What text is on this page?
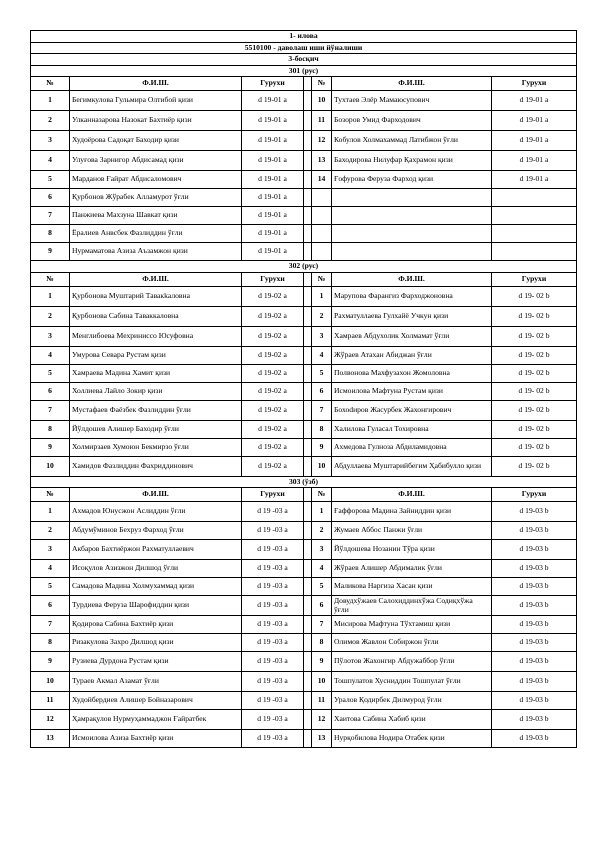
1- илова						
5510100 - даволаш иши йўналиши						
3-босқич						
301 (рус)						
№	Ф.И.Ш.	Гурухи		№	Ф.И.Ш.	Гурухи
1	Бегимкулова Гульмира Олтибой қизи	d 19-01 a		10	Тухтаев Элёр Мамаюсупович	d 19-01 a
2	Улканназарова Назокат Бахтиёр қизи	d 19-01 a		11	Бозоров Умид Фарходович	d 19-01 a
3	Худоёрова Садоқат Баходир қизи	d 19-01 a		12	Кобулов Холмахаммад Латибжон ўғли	d 19-01 a
4	Улуғова Зарнигор Абдисамад қизи	d 19-01 a		13	Баходирова Нилуфар Қахрамон қизи	d 19-01 a
5	Марданов Ғайрат Абдисаломович	d 19-01 a		14	Ғофурова Феруза Фарход қизи	d 19-01 a
6	Қурбонов Жўрабек Алламурот ўғли	d 19-01 a				
7	Панжиева Махзуна Шавкат қизи	d 19-01 a				
8	Ёралиев Анвсбек Фазлиддин ўғли	d 19-01 a				
9	Нурмаматова Азиза Аъзамжон қизи	d 19-01 a				
302 (рус)						
№	Ф.И.Ш.	Гурухи		№	Ф.И.Ш.	Гурухи
1	Қурбонова Муштарий Тавакkаловна	d 19-02 a		1	Марупова Фарангиз Фарходжоновна	d 19- 02 b
2	Қурбонова Сабина Таваккаловна	d 19-02 a		2	Рахматуллаева Гулхайё Учкун қизи	d 19- 02 b
3	Менглибоева Мехриниссо Юсуфовна	d 19-02 a		3	Хамраев Абдухолик Холмамат ўғли	d 19- 02 b
4	Умурова Севара Рустам қизи	d 19-02 a		4	Жўраев Атахан Абиджан ўғли	d 19- 02 b
5	Хамраева Мадина Хамит қизи	d 19-02 a		5	Полвонова Махфузахон Жомоловна	d 19- 02 b
6	Холлиева Лайло Зокир қизи	d 19-02 a		6	Исмоилова Мафтуна Рустам қизи	d 19- 02 b
7	Мустафаев Фаёзбек Фазлиддин ўғли	d 19-02 a		7	Бохоdиров Жасурбек Жахонгирович	d 19- 02 b
8	Йўлдошев Алишер Баходир ўғли	d 19-02 a		8	Халилова Гуласал Тохировна	d 19- 02 b
9	Холмирзаев Хумоюн Бекмирзо ўғли	d 19-02 a		9	Ахмедова Гулноза Абдиламидовна	d 19- 02 b
10	Хамидов Фазлиддин Фахриддинович	d 19-02 a		10	Абдуллаева Муштарийбегим Ҳабибулло қизи	d 19- 02 b
303 (ўзб)						
№	Ф.И.Ш.	Гурухи		№	Ф.И.Ш.	Гурухи
1	Ахмадов Юнусжон Аслиддин ўғли	d 19 -03 a		1	Ғаффорова Мадина Зайниддин қизи	d 19-03 b
2	Абдумўминов Бехруз Фарход ўғли	d 19 -03 a		2	Жумаев Аббос Панжи ўғли	d 19-03 b
3	Акбаров Бахтиёржон Рахматуллаевич	d 19 -03 a		3	Йўлдошева Нозанин Тўра қизи	d 19-03 b
4	Исоқулов Азизжон Дилшод ўғли	d 19 -03 a		4	Жўраев Алишер Абдималик ўғли	d 19-03 b
5	Самадова Мадина Холмухаммад қизи	d 19 -03 a		5	Маликова Наргиза Хасан қизи	d 19-03 b
6	Турдиева Феруза Шарофиддин қизи	d 19 -03 a		6	Довудхўжаев Салохиддинхўжа Содиқхўжа ўғли	d 19-03 b
7	Қодирова Сабина Бахтиёр қизи	d 19 -03 a		7	Мисирова Мафтуна Тўхтамиш қизи	d 19-03 b
8	Ризакулова Захро Дилшод қизи	d 19 -03 a		8	Олимов Жавлон Собиржон ўғли	d 19-03 b
9	Рузиева Дурдона Рустам қизи	d 19 -03 a		9	Пўлотов Жахонгир Абдужаббор ўғли	d 19-03 b
10	Тураев Акмал Азамат ўғли	d 19 -03 a		10	Тошпулатов Хусниддин Тошпулат ўғли	d 19-03 b
11	Худойбердиев Алишер Бойназарович	d 19 -03 a		11	Уралов Қодирбек Дилмурод ўғли	d 19-03 b
12	Ҳамрақулов Нурмуҳаммаджон Ғайратбек	d 19 -03 a		12	Хаитова Сабина Хабиб қизи	d 19-03 b
13	Исмоилова Азиза Бахтиёр қизи	d 19 -03 a		13	Нурқобилова Нодира Отабек қизи	d 19-03 b
